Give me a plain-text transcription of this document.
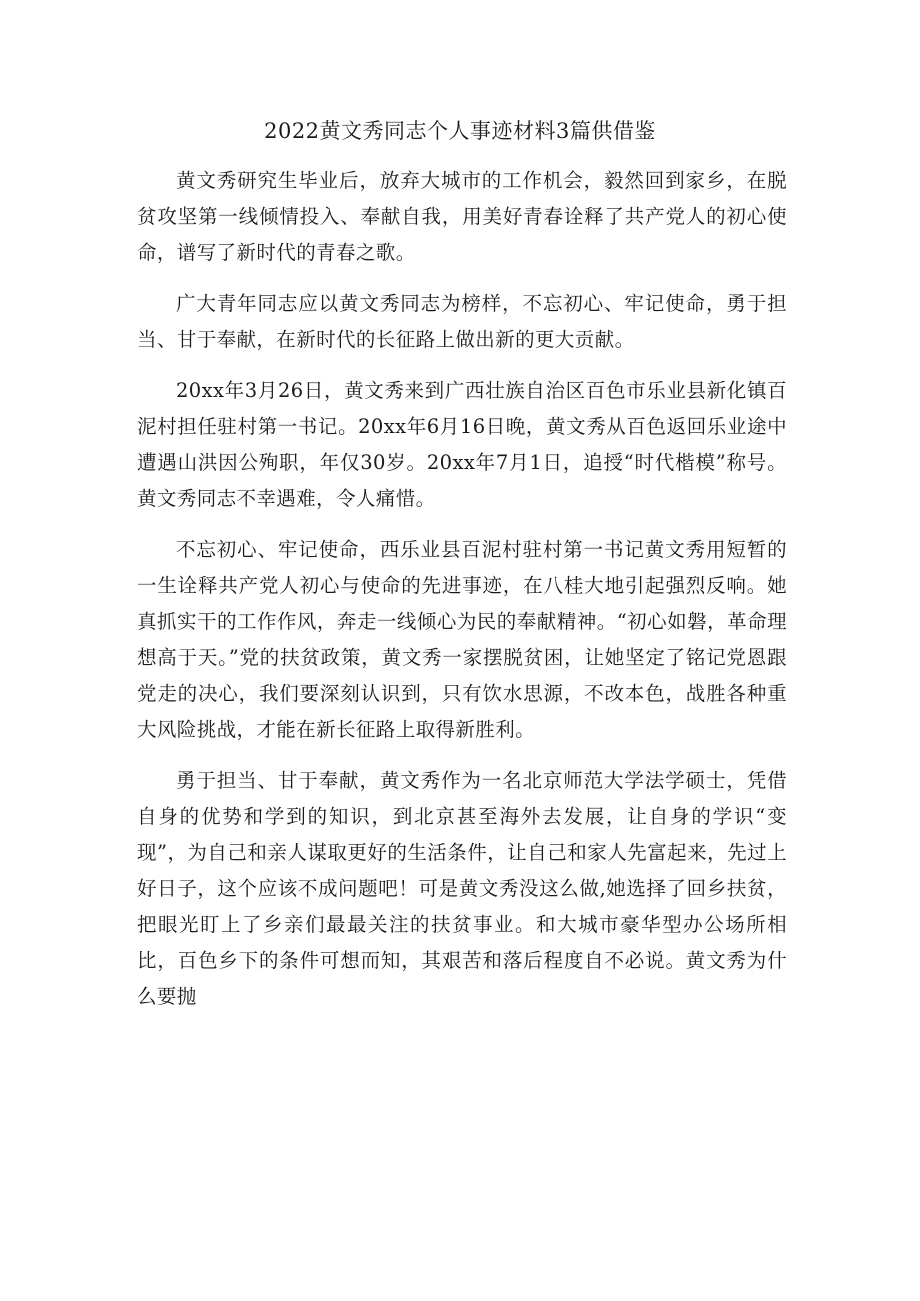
2022黄文秀同志个人事迹材料3篇供借鉴

黄文秀研究生毕业后，放弃大城市的工作机会，毅然回到家乡，在脱贫攻坚第一线倾情投入、奉献自我，用美好青春诠释了共产党人的初心使命，谱写了新时代的青春之歌。

广大青年同志应以黄文秀同志为榜样，不忘初心、牢记使命，勇于担当、甘于奉献，在新时代的长征路上做出新的更大贡献。

20xx年3月26日，黄文秀来到广西壮族自治区百色市乐业县新化镇百泥村担任驻村第一书记。20xx年6月16日晚，黄文秀从百色返回乐业途中遭遇山洪因公殉职，年仅30岁。20xx年7月1日，追授“时代楷模”称号。黄文秀同志不幸遇难，令人痛惜。

不忘初心、牢记使命，西乐业县百泥村驻村第一书记黄文秀用短暂的一生诠释共产党人初心与使命的先进事迹，在八桂大地引起强烈反响。她真抓实干的工作作风，奔走一线倾心为民的奉献精神。“初心如磐，革命理想高于天。”党的扶贫政策，黄文秀一家摆脱贫困，让她坚定了铭记党恩跟党走的决心，我们要深刻认识到，只有饮水思源，不改本色，战胜各种重大风险挑战，才能在新长征路上取得新胜利。

勇于担当、甘于奉献，黄文秀作为一名北京师范大学法学硕士，凭借自身的优势和学到的知识，到北京甚至海外去发展，让自身的学识“变现”，为自己和亲人谋取更好的生活条件，让自己和家人先富起来，先过上好日子，这个应该不成问题吧！可是黄文秀没这么做,她选择了回乡扶贫，把眼光盯上了乡亲们最最关注的扶贫事业。和大城市豪华型办公场所相比，百色乡下的条件可想而知，其艰苦和落后程度自不必说。黄文秀为什么要抛
